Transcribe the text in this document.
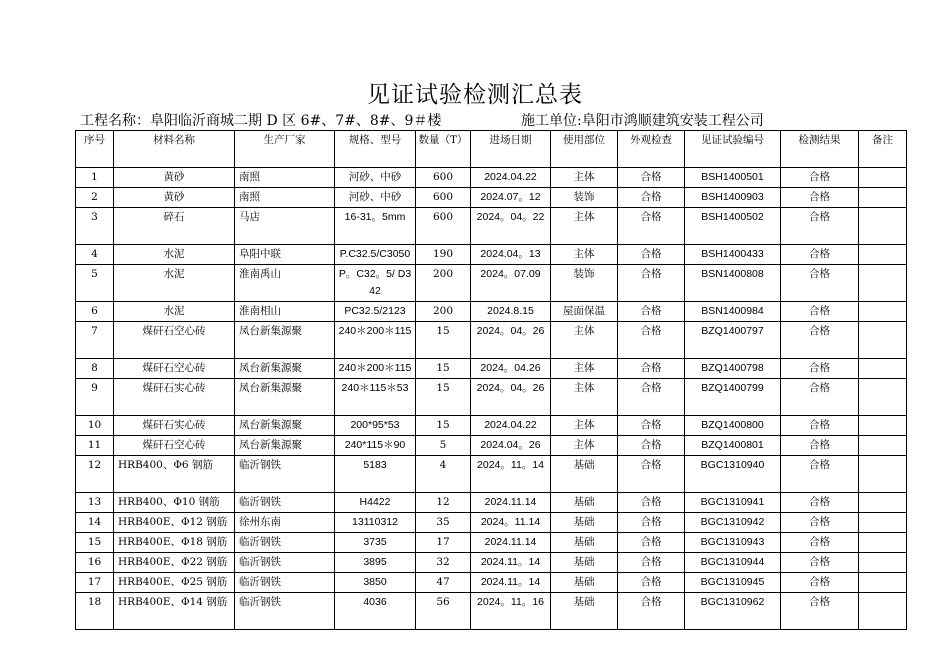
见证试验检测汇总表
工程名称：阜阳临沂商城二期 D 区 6#、7#、8#、9＃楼	施工单位:阜阳市鸿顺建筑安装工程公司
序号	材料名称	生产厂家	规格、型号	数量（T）	进场日期	使用部位	外观检查	见证试验编号	检测结果	备注
1	黄砂	南照	河砂、中砂	600	2024.04.22	主体	合格	BSH1400501	合格	
2	黄砂	南照	河砂、中砂	600	2024.07。12	装饰	合格	BSH1400903	合格	
3	碎石	马店	16-31。5mm	600	2024。04。22	主体	合格	BSH1400502	合格	
4	水泥	阜阳中联	P.C32.5/C3050	190	2024.04。13	主体	合格	BSH1400433	合格	
5	水泥	淮南禹山	P。C32。5/ D342	200	2024。07.09	装饰	合格	BSN1400808	合格	
6	水泥	淮南相山	PC32.5/2123	200	2024.8.15	屋面保温	合格	BSN1400984	合格	
7	煤矸石空心砖	凤台新集源聚	240＊200＊115	15	2024。04。26	主体	合格	BZQ1400797	合格	
8	煤矸石空心砖	凤台新集源聚	240＊200＊115	15	2024。04.26	主体	合格	BZQ1400798	合格	
9	煤矸石实心砖	凤台新集源聚	240＊115＊53	15	2024。04。26	主体	合格	BZQ1400799	合格	
10	煤矸石实心砖	凤台新集源聚	200*95*53	15	2024.04.22	主体	合格	BZQ1400800	合格	
11	煤矸石空心砖	凤台新集源聚	240*115＊90	5	2024.04。26	主体	合格	BZQ1400801	合格	
12	HRB400、Φ6 钢筋	临沂钢铁	5183	4	2024。11。14	基础	合格	BGC1310940	合格	
13	HRB400、Φ10 钢筋	临沂钢铁	H4422	12	2024.11.14	基础	合格	BGC1310941	合格	
14	HRB400E、Φ12 钢筋	徐州东南	13110312	35	2024。11.14	基础	合格	BGC1310942	合格	
15	HRB400E、Φ18 钢筋	临沂钢铁	3735	17	2024.11.14	基础	合格	BGC1310943	合格	
16	HRB400E、Φ22 钢筋	临沂钢铁	3895	32	2024.11。14	基础	合格	BGC1310944	合格	
17	HRB400E、Φ25 钢筋	临沂钢铁	3850	47	2024.11。14	基础	合格	BGC1310945	合格	
18	HRB400E、Φ14 钢筋	临沂钢铁	4036	56	2024。11。16	基础	合格	BGC1310962	合格	
